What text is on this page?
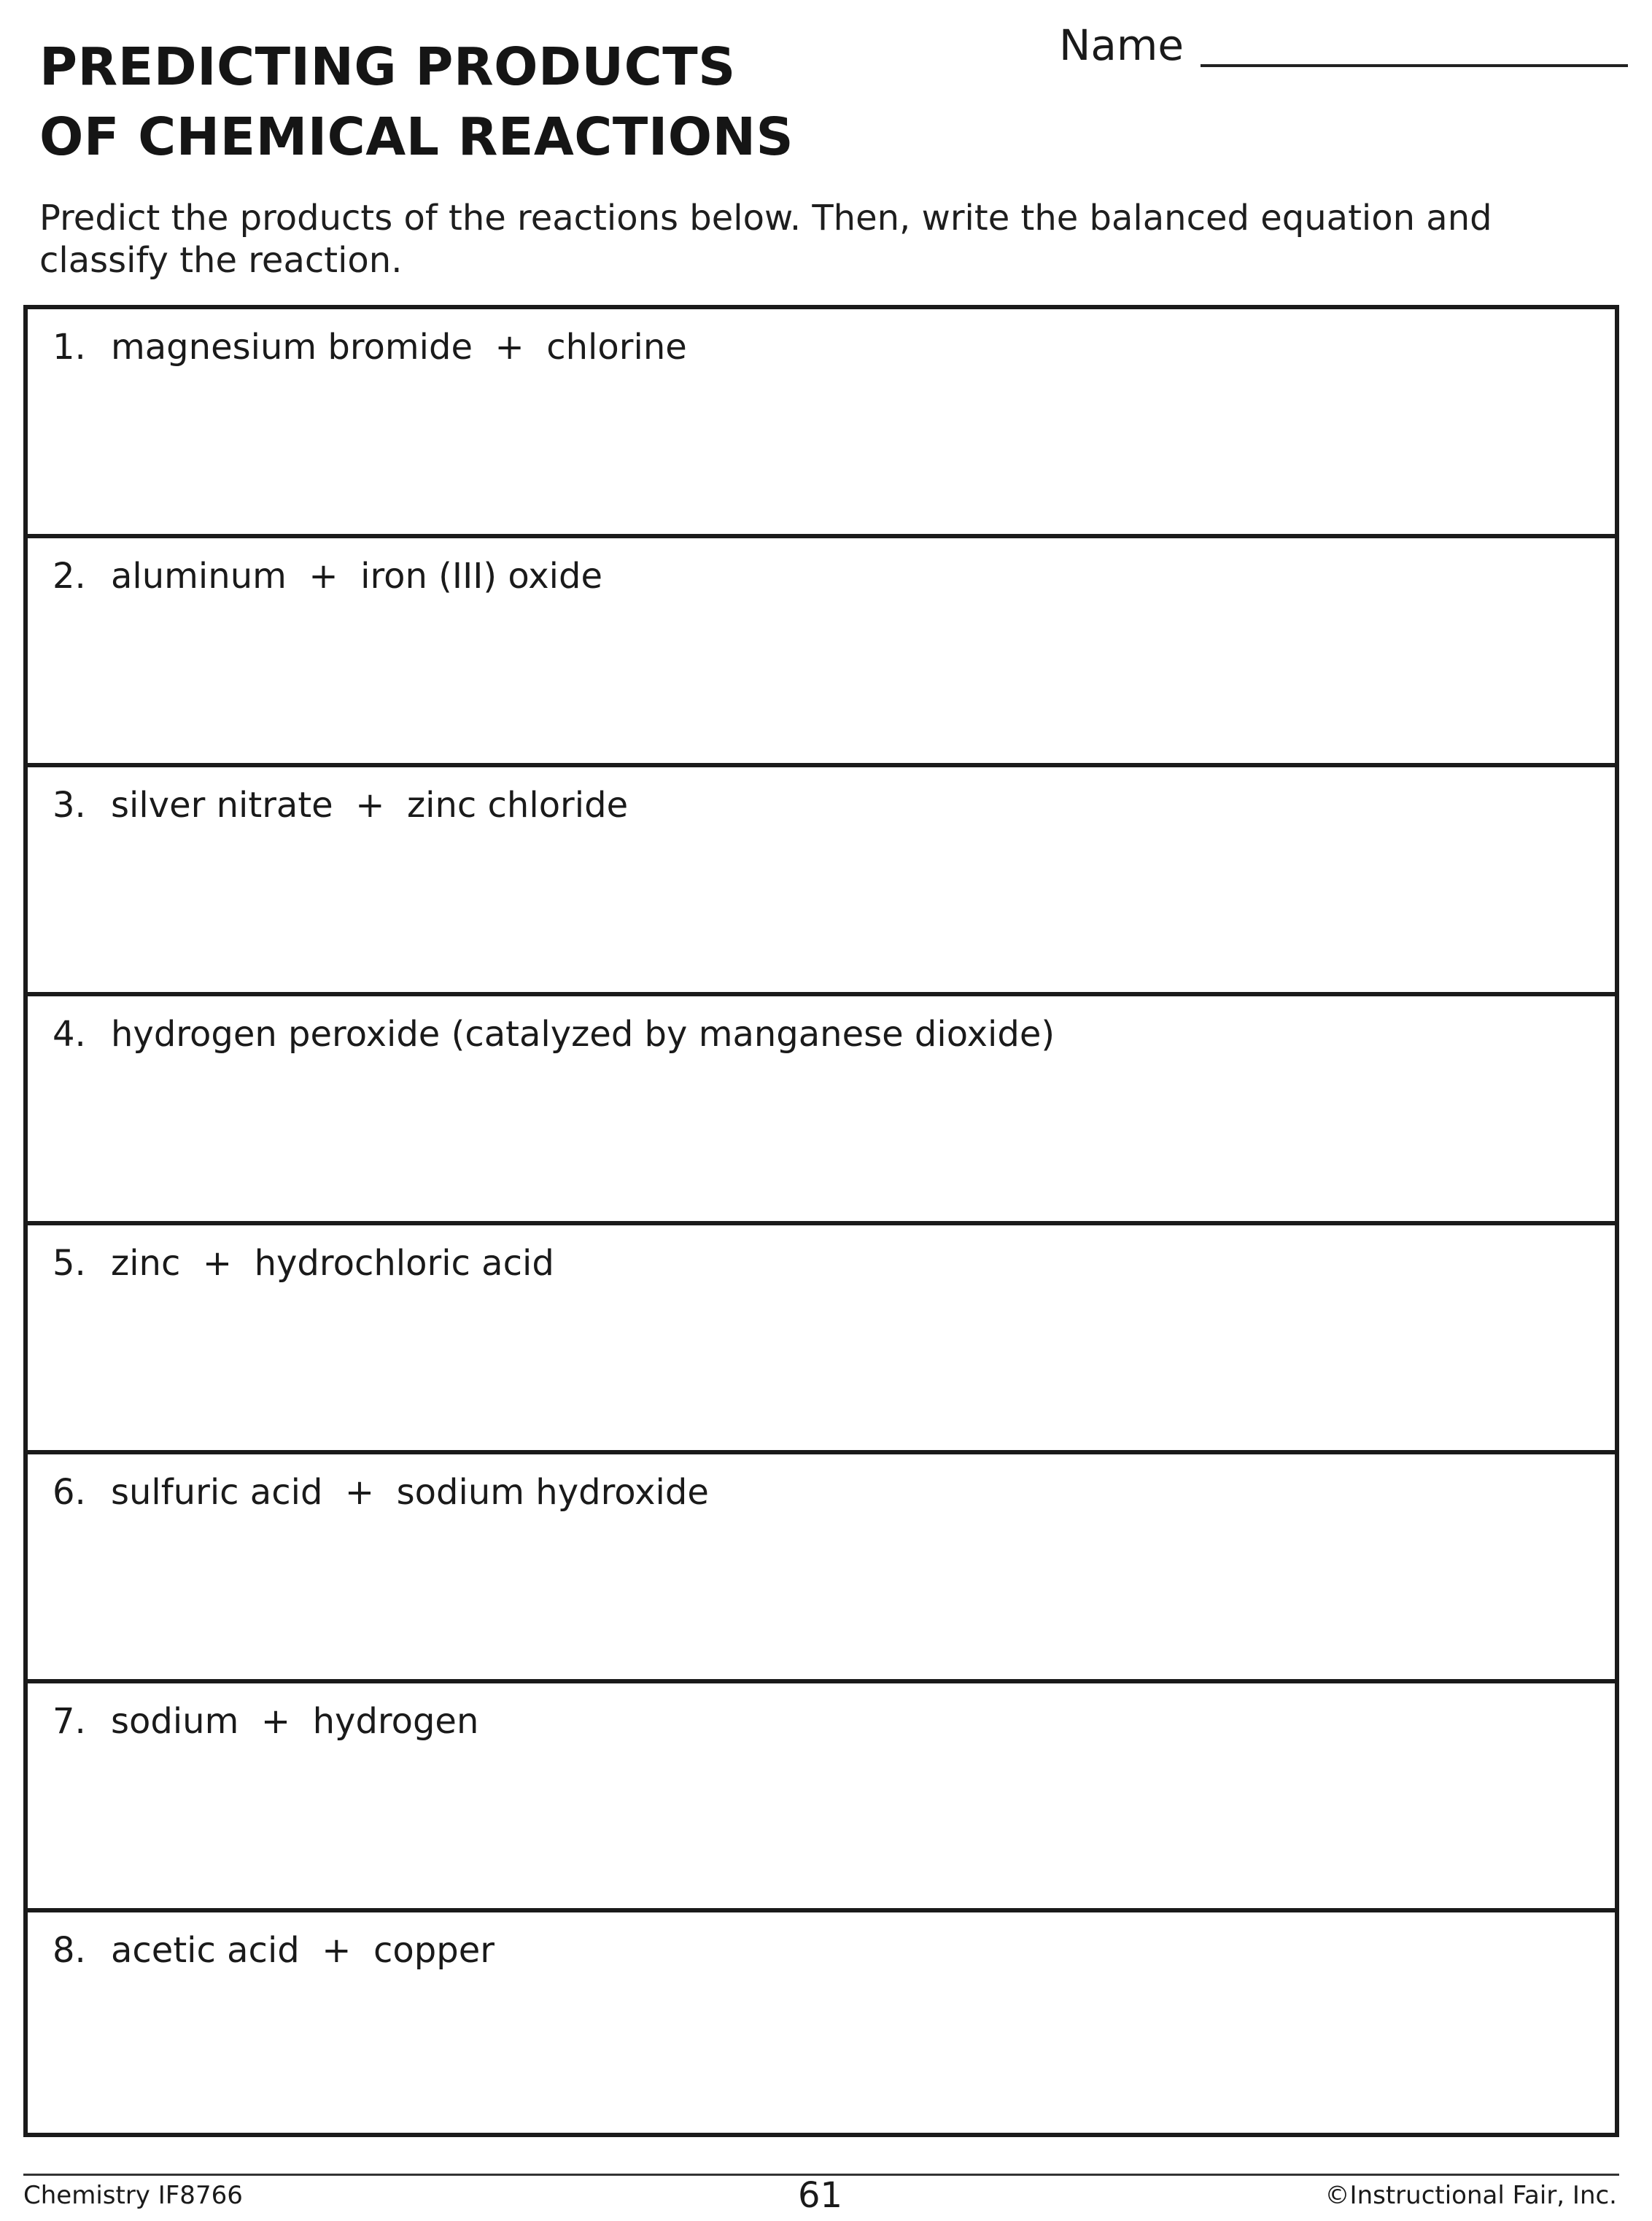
PREDICTING PRODUCTS
OF CHEMICAL REACTIONS
Name

Predict the products of the reactions below. Then, write the balanced equation and classify the reaction.

1. magnesium bromide  +  chlorine
2. aluminum  +  iron (III) oxide
3. silver nitrate  +  zinc chloride
4. hydrogen peroxide (catalyzed by manganese dioxide)
5. zinc  +  hydrochloric acid
6. sulfuric acid  +  sodium hydroxide
7. sodium  +  hydrogen
8. acetic acid  +  copper
Chemistry IF8766	61	©Instructional Fair, Inc.
